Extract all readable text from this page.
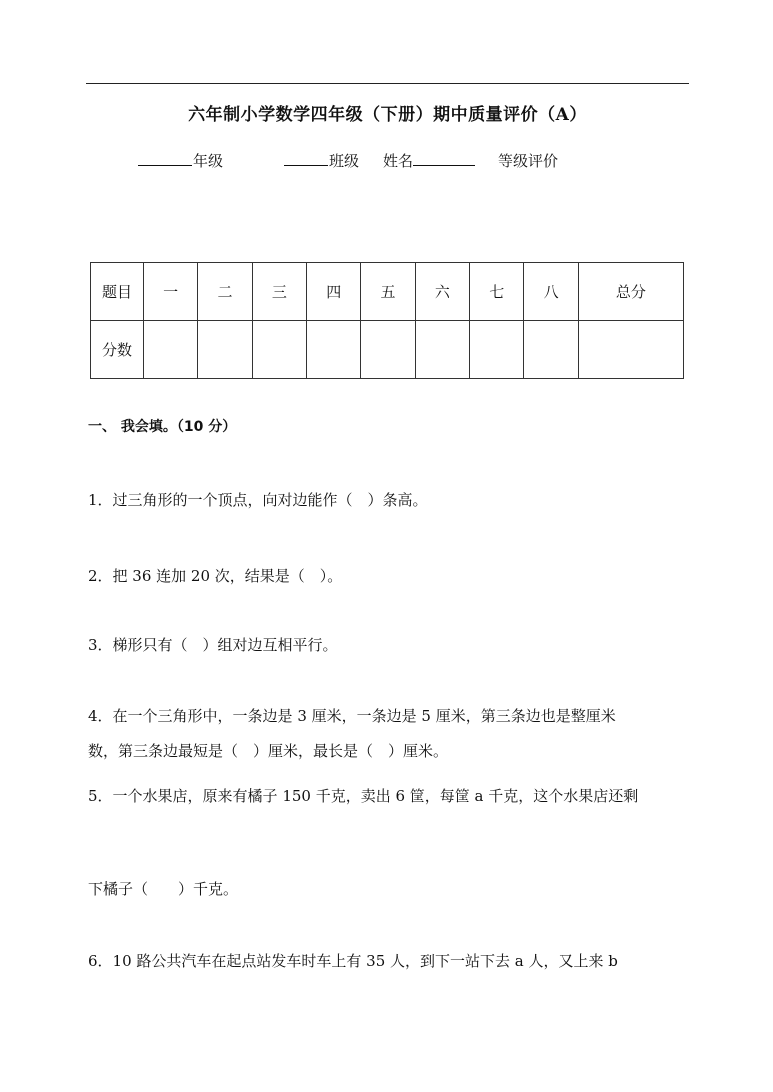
六年制小学数学四年级（下册）期中质量评价（A）
年级	班级 姓名	等级评价
题目	一	二	三	四	五	六	七	八	总分
分数									
一、 我会填。（10 分）
1．过三角形的一个顶点，向对边能作（　）条高。
2．把 36 连加 20 次，结果是（　）。
3．梯形只有（　）组对边互相平行。
4．在一个三角形中，一条边是 3 厘米，一条边是 5 厘米，第三条边也是整厘米
数，第三条边最短是（　）厘米，最长是（　）厘米。
5．一个水果店，原来有橘子 150 千克，卖出 6 筐，每筐 a 千克，这个水果店还剩
下橘子（　　）千克。
6．10 路公共汽车在起点站发车时车上有 35 人，到下一站下去 a 人，又上来 b
